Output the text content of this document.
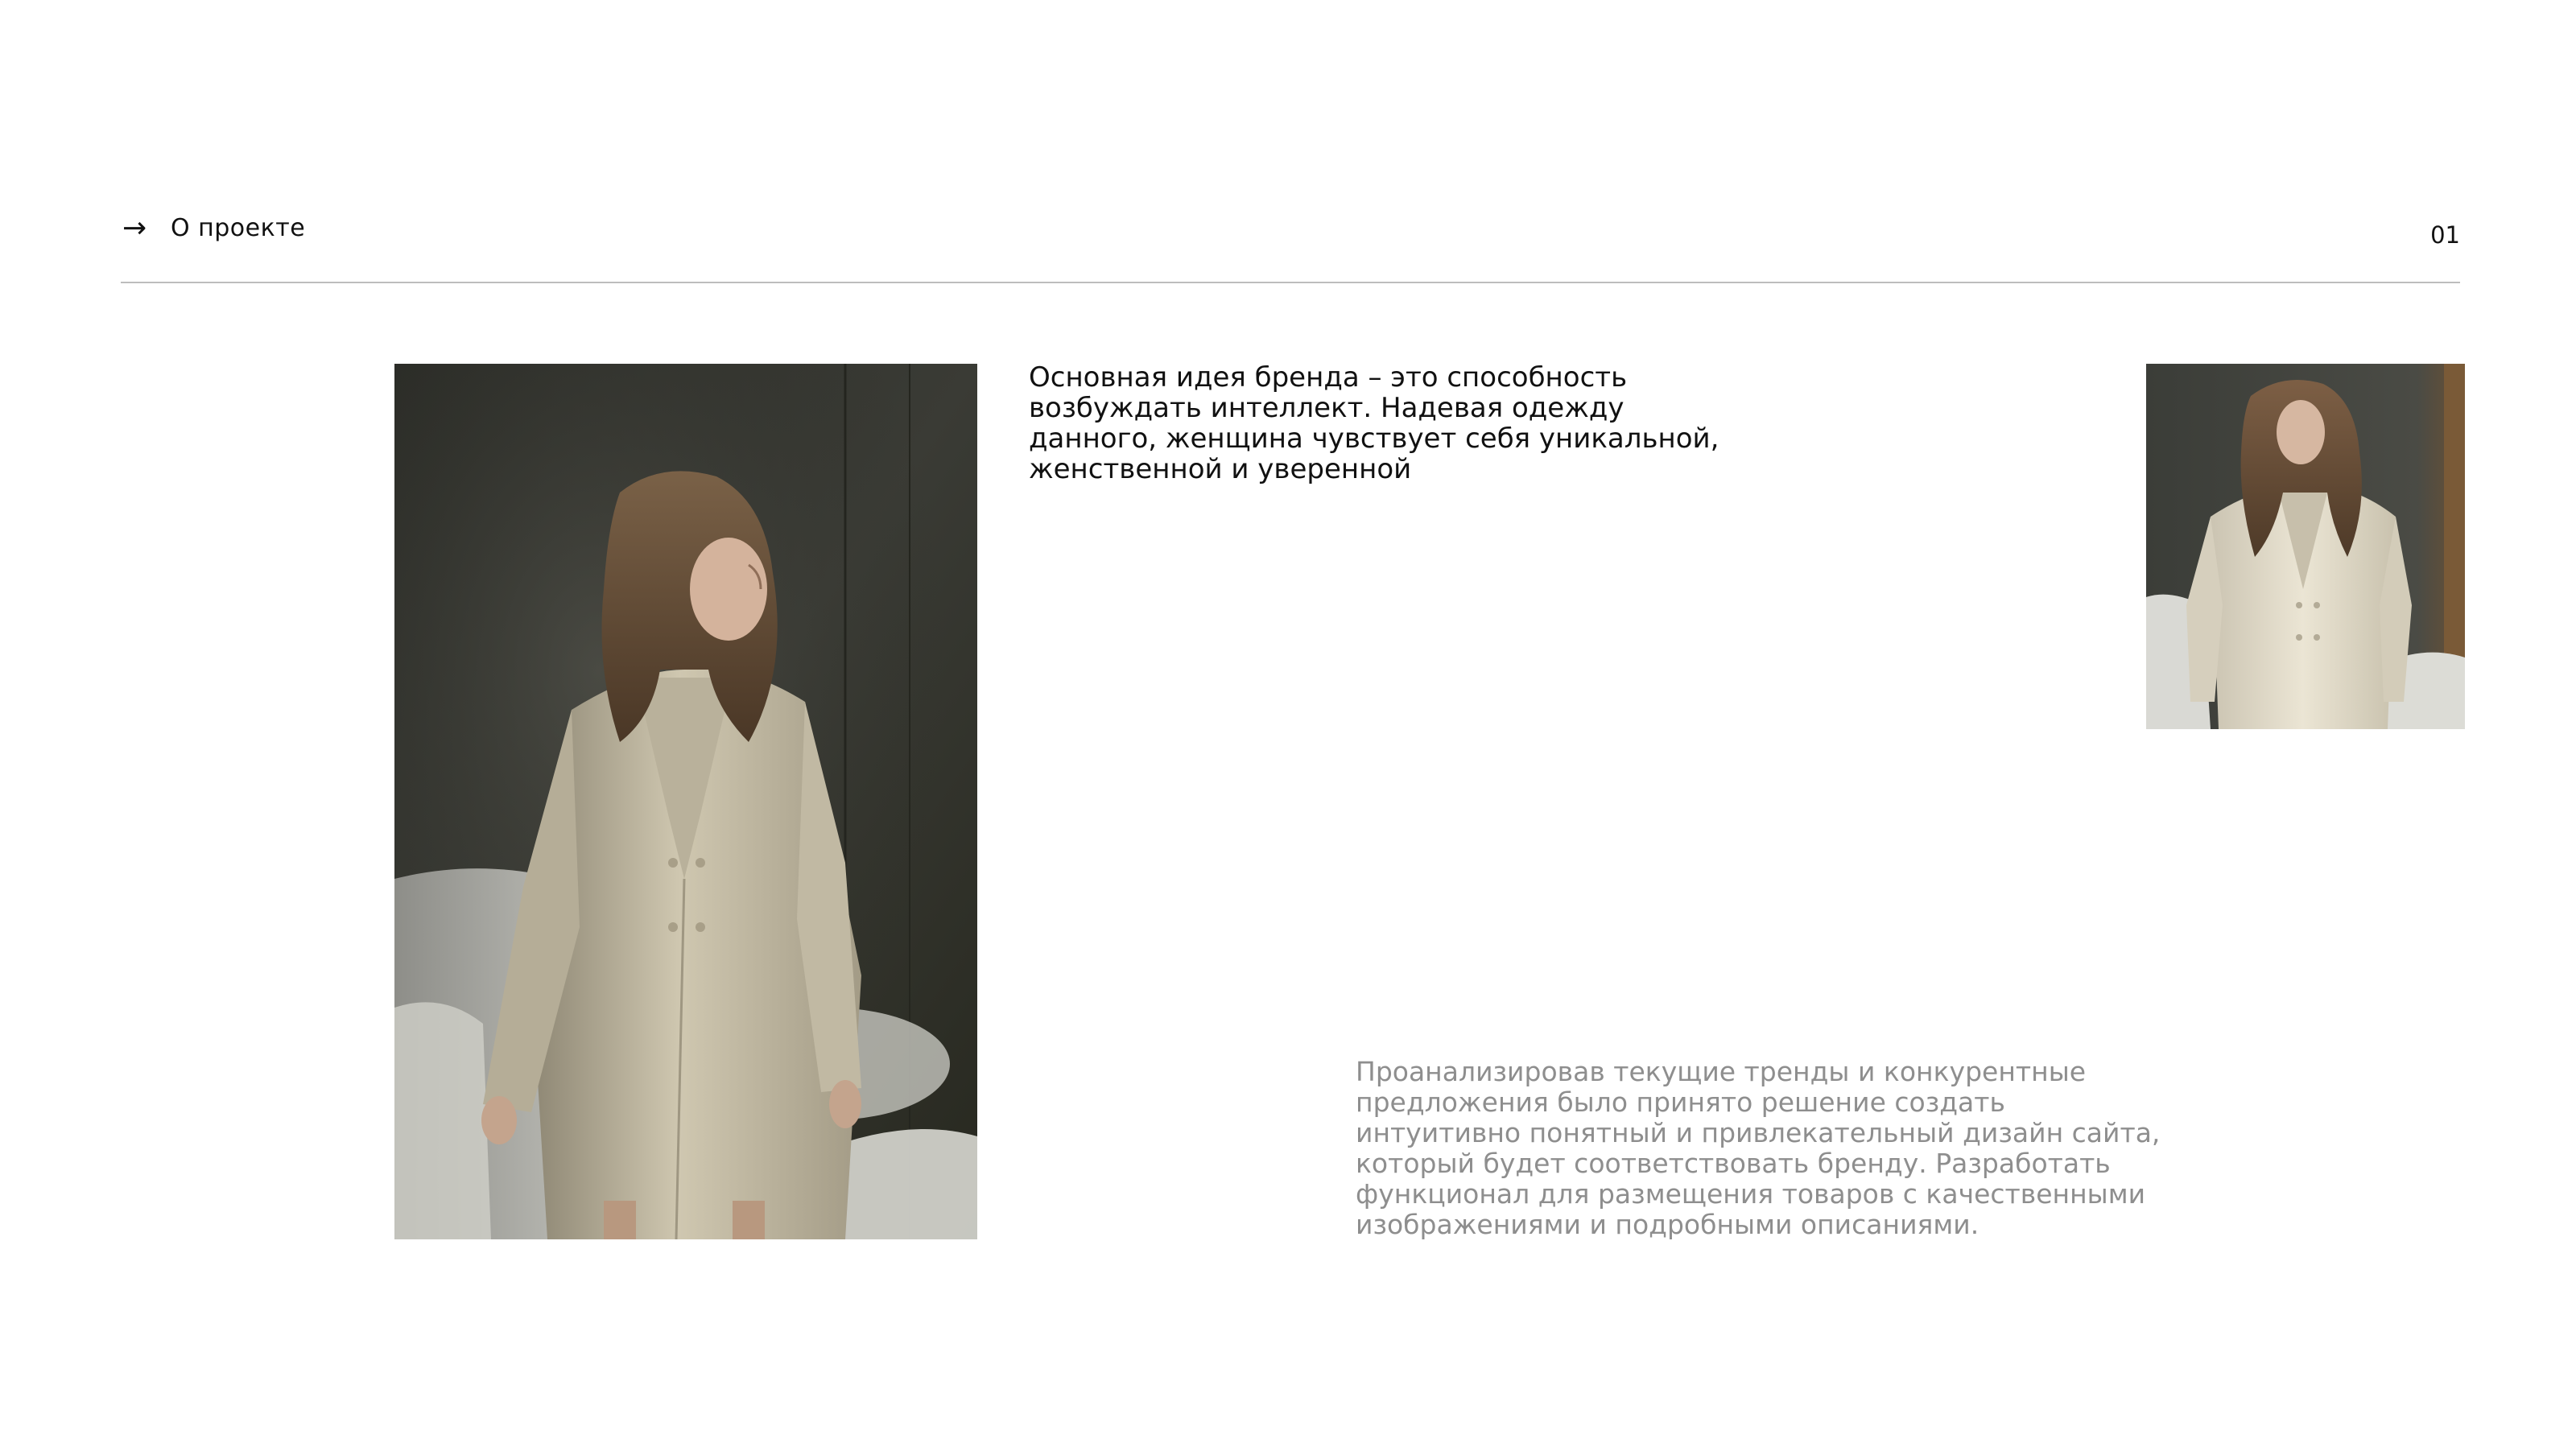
→ О проекте	01
Основная идея бренда – это способность возбуждать интеллект. Надевая одежду данного, женщина чувствует себя уникальной, женственной и уверенной
Проанализировав текущие тренды и конкурентные предложения было принято решение создать интуитивно понятный и привлекательный дизайн сайта, который будет соответствовать бренду. Разработать функционал для размещения товаров с качественными изображениями и подробными описаниями.
